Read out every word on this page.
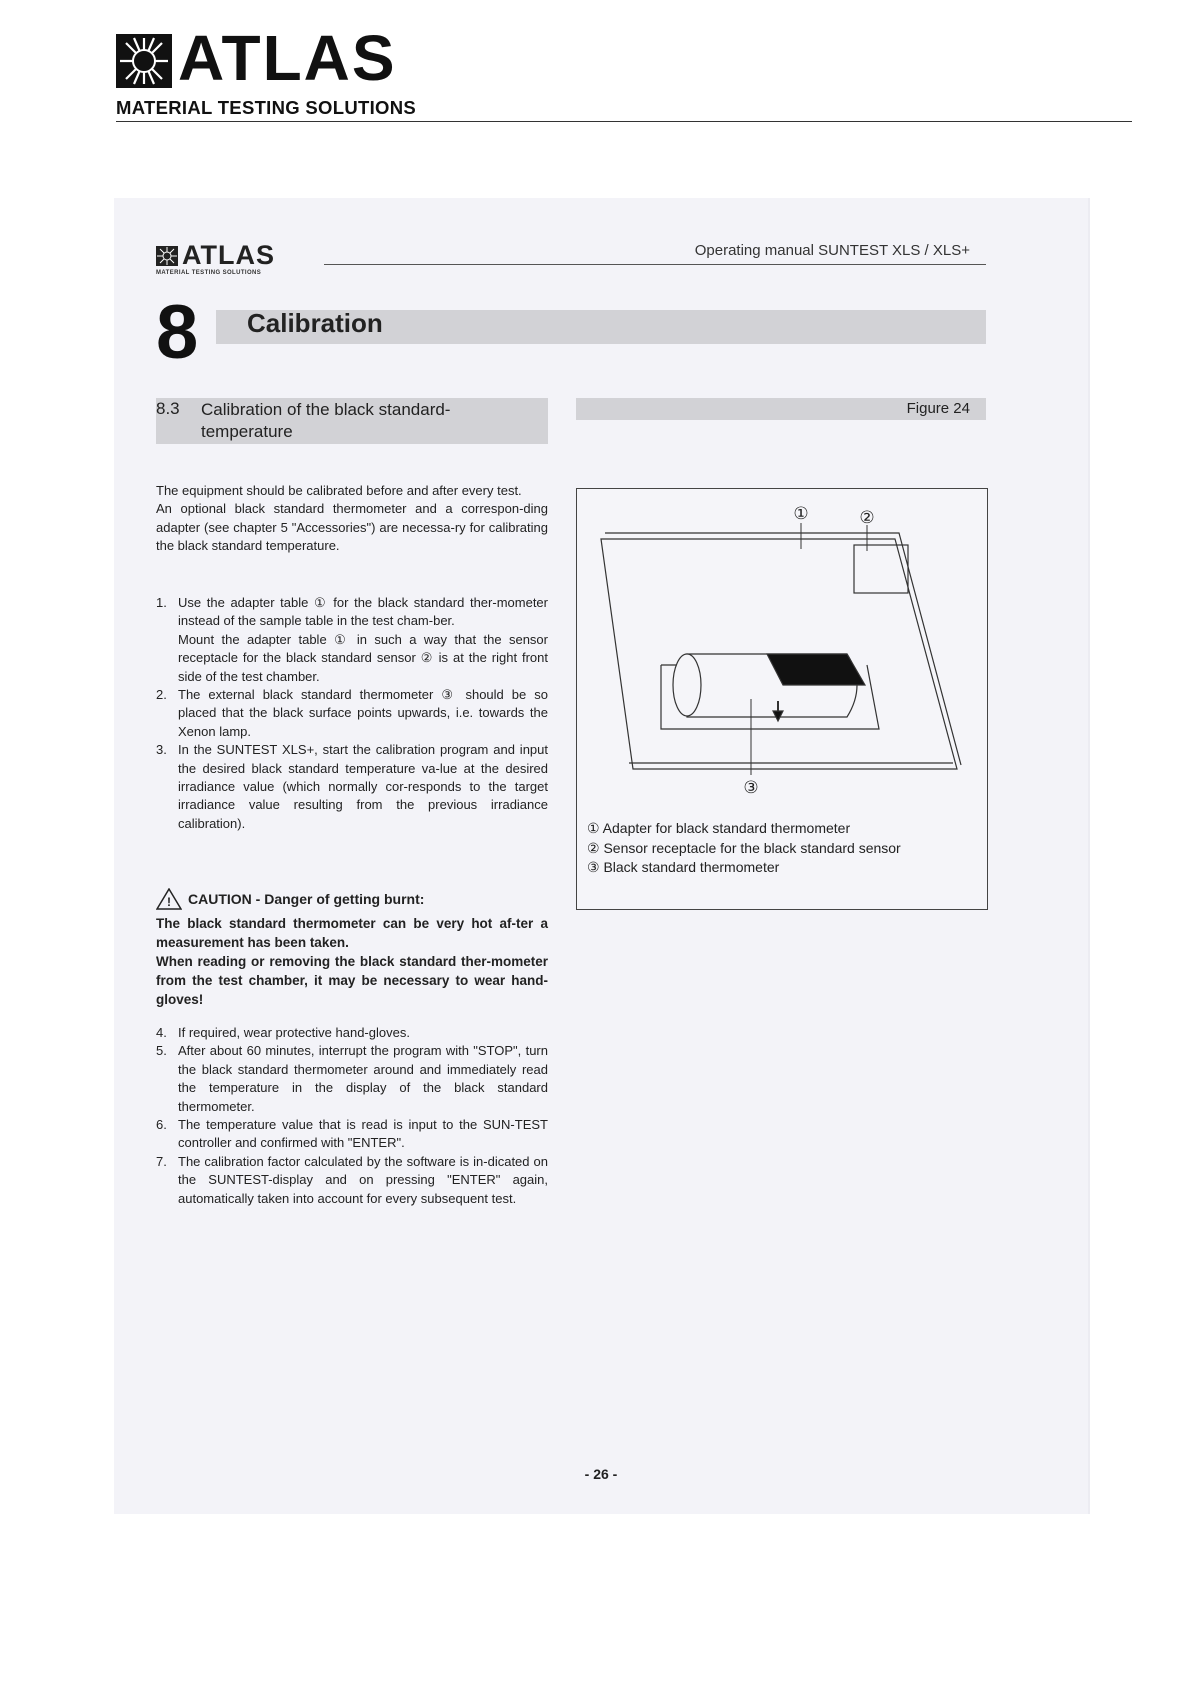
ATLAS
MATERIAL TESTING SOLUTIONS
ATLAS
MATERIAL TESTING SOLUTIONS
Operating manual SUNTEST XLS / XLS+
8 Calibration
8.3 Calibration of the black standard-temperature
Figure 24
The equipment should be calibrated before and after every test.
An optional black standard thermometer and a correspon-ding adapter (see chapter 5 "Accessories") are necessa-ry for calibrating the black standard temperature.
1. Use the adapter table ① for the black standard ther-mometer instead of the sample table in the test cham-ber.
Mount the adapter table ① in such a way that the sensor receptacle for the black standard sensor ② is at the right front side of the test chamber.
2. The external black standard thermometer ③ should be so placed that the black surface points upwards, i.e. towards the Xenon lamp.
3. In the SUNTEST XLS+, start the calibration program and input the desired black standard temperature va-lue at the desired irradiance value (which normally cor-responds to the target irradiance value resulting from the previous irradiance calibration).
! CAUTION - Danger of getting burnt:
The black standard thermometer can be very hot af-ter a measurement has been taken.
When reading or removing the black standard ther-mometer from the test chamber, it may be necessary to wear hand-gloves!
4. If required, wear protective hand-gloves.
5. After about 60 minutes, interrupt the program with "STOP", turn the black standard thermometer around and immediately read the temperature in the display of the black standard thermometer.
6. The temperature value that is read is input to the SUN-TEST controller and confirmed with "ENTER".
7. The calibration factor calculated by the software is in-dicated on the SUNTEST-display and on pressing "ENTER" again, automatically taken into account for every subsequent test.
①	②
③
① Adapter for black standard thermometer
② Sensor receptacle for the black standard sensor
③ Black standard thermometer
- 26 -
